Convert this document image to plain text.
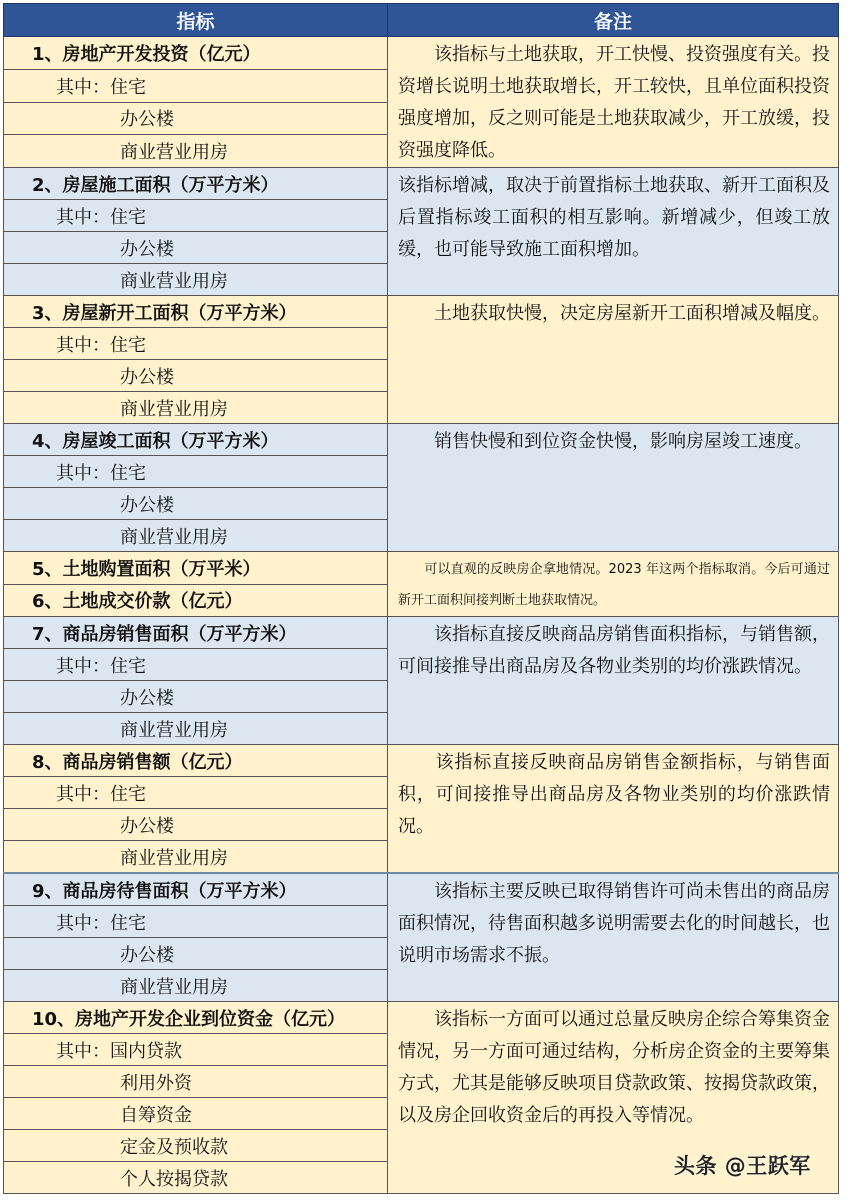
指标	备注
1、房地产开发投资（亿元）	　　该指标与土地获取，开工快慢、投资强度有关。投资增长说明土地获取增长，开工较快，且单位面积投资强度增加，反之则可能是土地获取减少，开工放缓，投资强度降低。
其中：住宅	
办公楼	
商业营业用房	
2、房屋施工面积（万平方米）	该指标增减，取决于前置指标土地获取、新开工面积及后置指标竣工面积的相互影响。新增减少，但竣工放缓，也可能导致施工面积增加。
其中：住宅	
办公楼	
商业营业用房	
3、房屋新开工面积（万平方米）	　　土地获取快慢，决定房屋新开工面积增减及幅度。
其中：住宅	
办公楼	
商业营业用房	
4、房屋竣工面积（万平方米）	　　销售快慢和到位资金快慢，影响房屋竣工速度。
其中：住宅	
办公楼	
商业营业用房	
5、土地购置面积（万平米）	　　可以直观的反映房企拿地情况。2023 年这两个指标取消。今后可通过新开工面积间接判断土地获取情况。
6、土地成交价款（亿元）	
7、商品房销售面积（万平方米）	　　该指标直接反映商品房销售面积指标，与销售额，可间接推导出商品房及各物业类别的均价涨跌情况。
其中：住宅	
办公楼	
商业营业用房	
8、商品房销售额（亿元）	　　该指标直接反映商品房销售金额指标，与销售面积，可间接推导出商品房及各物业类别的均价涨跌情况。
其中：住宅	
办公楼	
商业营业用房	
9、商品房待售面积（万平方米）	　　该指标主要反映已取得销售许可尚未售出的商品房面积情况，待售面积越多说明需要去化的时间越长，也说明市场需求不振。
其中：住宅	
办公楼	
商业营业用房	
10、房地产开发企业到位资金（亿元）	　　该指标一方面可以通过总量反映房企综合筹集资金情况，另一方面可通过结构，分析房企资金的主要筹集方式，尤其是能够反映项目贷款政策、按揭贷款政策，以及房企回收资金后的再投入等情况。
其中：国内贷款	
利用外资	
自筹资金	
定金及预收款	
个人按揭贷款	
头条 @王跃军
